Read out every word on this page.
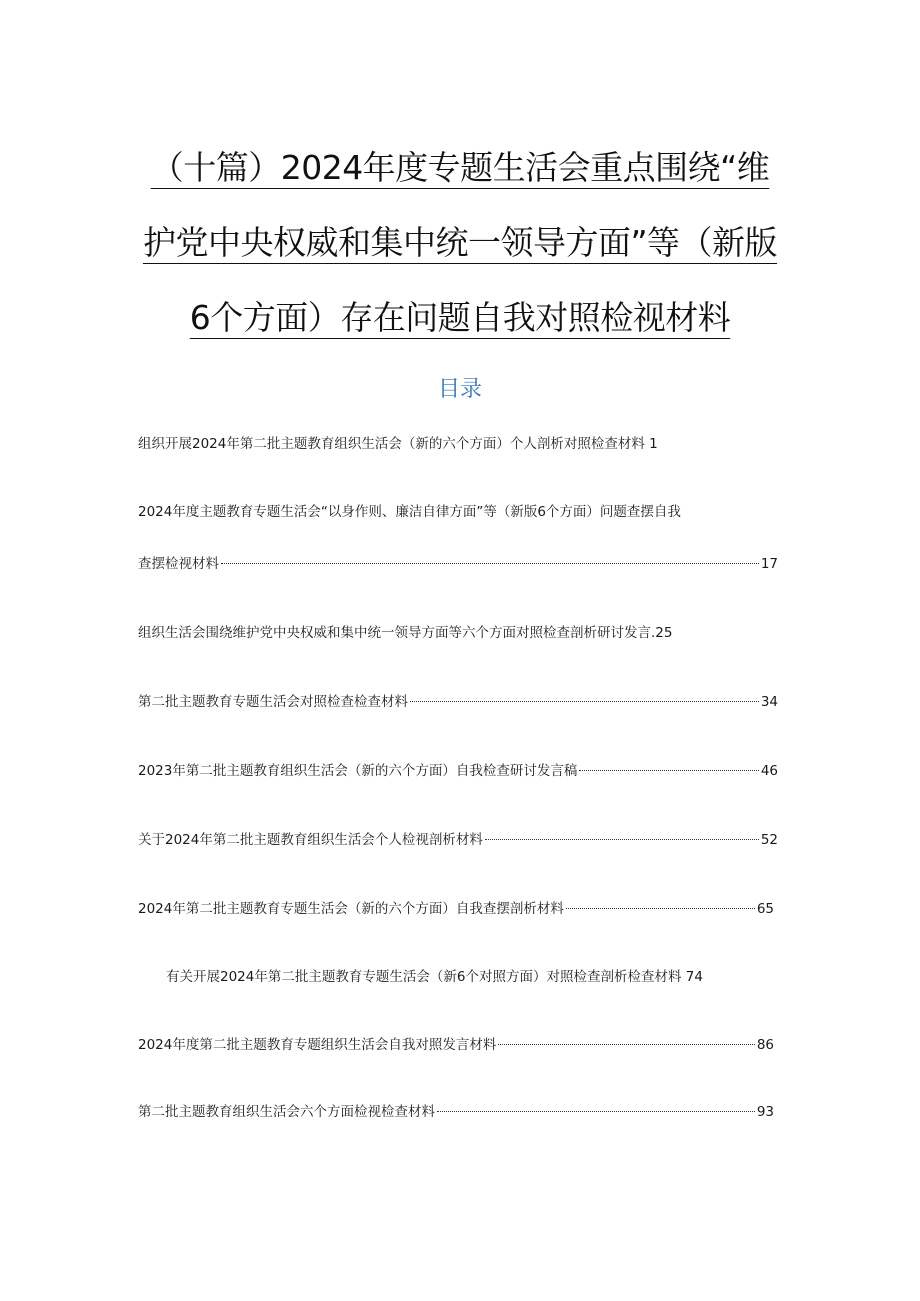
（十篇）2024年度专题生活会重点围绕“维护党中央权威和集中统一领导方面”等（新版6个方面）存在问题自我对照检视材料
目录
组织开展2024年第二批主题教育组织生活会（新的六个方面）个人剖析对照检查材料 1
2024年度主题教育专题生活会“以身作则、廉洁自律方面”等（新版6个方面）问题查摆自我
查摆检视材料	17
组织生活会围绕维护党中央权威和集中统一领导方面等六个方面对照检查剖析研讨发言.25
第二批主题教育专题生活会对照检查检查材料	34
2023年第二批主题教育组织生活会（新的六个方面）自我检查研讨发言稿	46
关于2024年第二批主题教育组织生活会个人检视剖析材料	52
2024年第二批主题教育专题生活会（新的六个方面）自我查摆剖析材料	65
有关开展2024年第二批主题教育专题生活会（新6个对照方面）对照检查剖析检查材料 74
2024年度第二批主题教育专题组织生活会自我对照发言材料	86
第二批主题教育组织生活会六个方面检视检查材料	93
